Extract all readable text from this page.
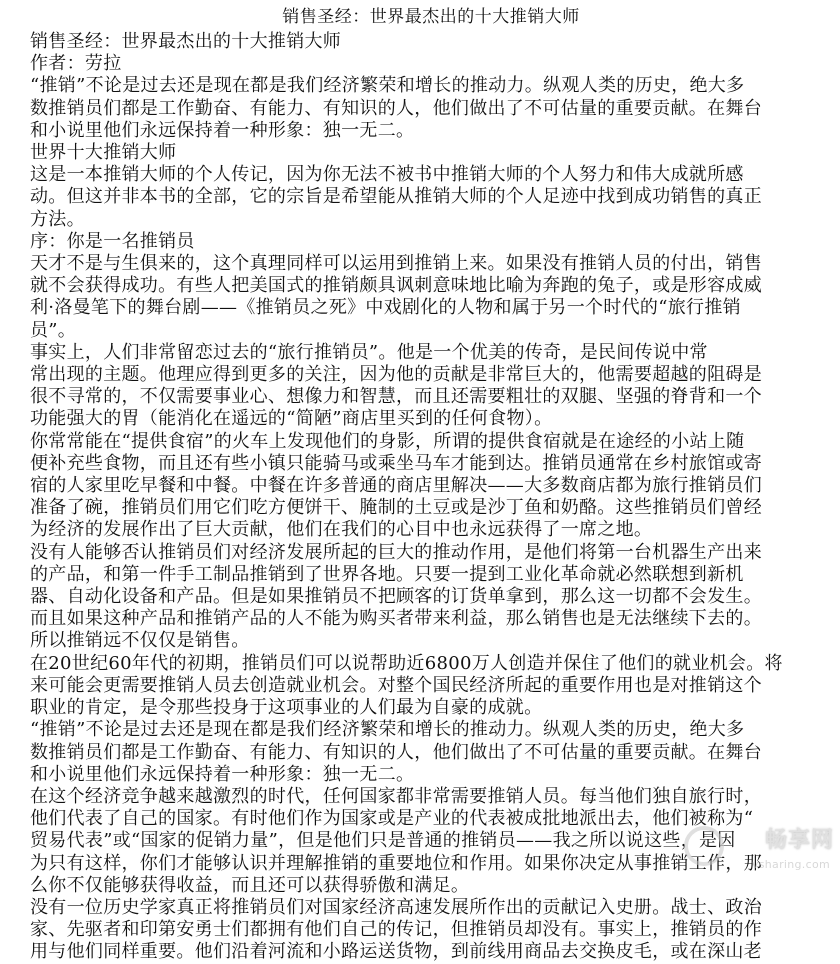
销售圣经：世界最杰出的十大推销大师
销售圣经：世界最杰出的十大推销大师
作者：劳拉
“推销”不论是过去还是现在都是我们经济繁荣和增长的推动力。纵观人类的历史，绝大多
数推销员们都是工作勤奋、有能力、有知识的人，他们做出了不可估量的重要贡献。在舞台
和小说里他们永远保持着一种形象：独一无二。
世界十大推销大师
这是一本推销大师的个人传记，因为你无法不被书中推销大师的个人努力和伟大成就所感
动。但这并非本书的全部，它的宗旨是希望能从推销大师的个人足迹中找到成功销售的真正
方法。
序：你是一名推销员
天才不是与生俱来的，这个真理同样可以运用到推销上来。如果没有推销人员的付出，销售
就不会获得成功。有些人把美国式的推销颇具讽刺意味地比喻为奔跑的兔子，或是形容成威
利·洛曼笔下的舞台剧——《推销员之死》中戏剧化的人物和属于另一个时代的“旅行推销
员”。
事实上，人们非常留恋过去的“旅行推销员”。他是一个优美的传奇，是民间传说中常
常出现的主题。他理应得到更多的关注，因为他的贡献是非常巨大的，他需要超越的阻碍是
很不寻常的，不仅需要事业心、想像力和智慧，而且还需要粗壮的双腿、坚强的脊背和一个
功能强大的胃（能消化在遥远的“简陋”商店里买到的任何食物）。
你常常能在“提供食宿”的火车上发现他们的身影，所谓的提供食宿就是在途经的小站上随
便补充些食物，而且还有些小镇只能骑马或乘坐马车才能到达。推销员通常在乡村旅馆或寄
宿的人家里吃早餐和中餐。中餐在许多普通的商店里解决——大多数商店都为旅行推销员们
准备了碗，推销员们用它们吃方便饼干、腌制的土豆或是沙丁鱼和奶酪。这些推销员们曾经
为经济的发展作出了巨大贡献，他们在我们的心目中也永远获得了一席之地。
没有人能够否认推销员们对经济发展所起的巨大的推动作用，是他们将第一台机器生产出来
的产品，和第一件手工制品推销到了世界各地。只要一提到工业化革命就必然联想到新机
器、自动化设备和产品。但是如果推销员不把顾客的订货单拿到，那么这一切都不会发生。
而且如果这种产品和推销产品的人不能为购买者带来利益，那么销售也是无法继续下去的。
所以推销远不仅仅是销售。
在20世纪60年代的初期，推销员们可以说帮助近6800万人创造并保住了他们的就业机会。将
来可能会更需要推销人员去创造就业机会。对整个国民经济所起的重要作用也是对推销这个
职业的肯定，是令那些投身于这项事业的人们最为自豪的成就。
“推销”不论是过去还是现在都是我们经济繁荣和增长的推动力。纵观人类的历史，绝大多
数推销员们都是工作勤奋、有能力、有知识的人，他们做出了不可估量的重要贡献。在舞台
和小说里他们永远保持着一种形象：独一无二。
在这个经济竞争越来越激烈的时代，任何国家都非常需要推销人员。每当他们独自旅行时，
他们代表了自己的国家。有时他们作为国家或是产业的代表被成批地派出去，他们被称为“
贸易代表”或“国家的促销力量”，但是他们只是普通的推销员——我之所以说这些，是因
为只有这样，你们才能够认识并理解推销的重要地位和作用。如果你决定从事推销工作，那
么你不仅能够获得收益，而且还可以获得骄傲和满足。
没有一位历史学家真正将推销员们对国家经济高速发展所作出的贡献记入史册。战士、政治
家、先驱者和印第安勇士们都拥有他们自己的传记，但推销员却没有。事实上，推销员的作
用与他们同样重要。他们沿着河流和小路运送货物，到前线用商品去交换皮毛，或在深山老
畅享网
vsharing.com
